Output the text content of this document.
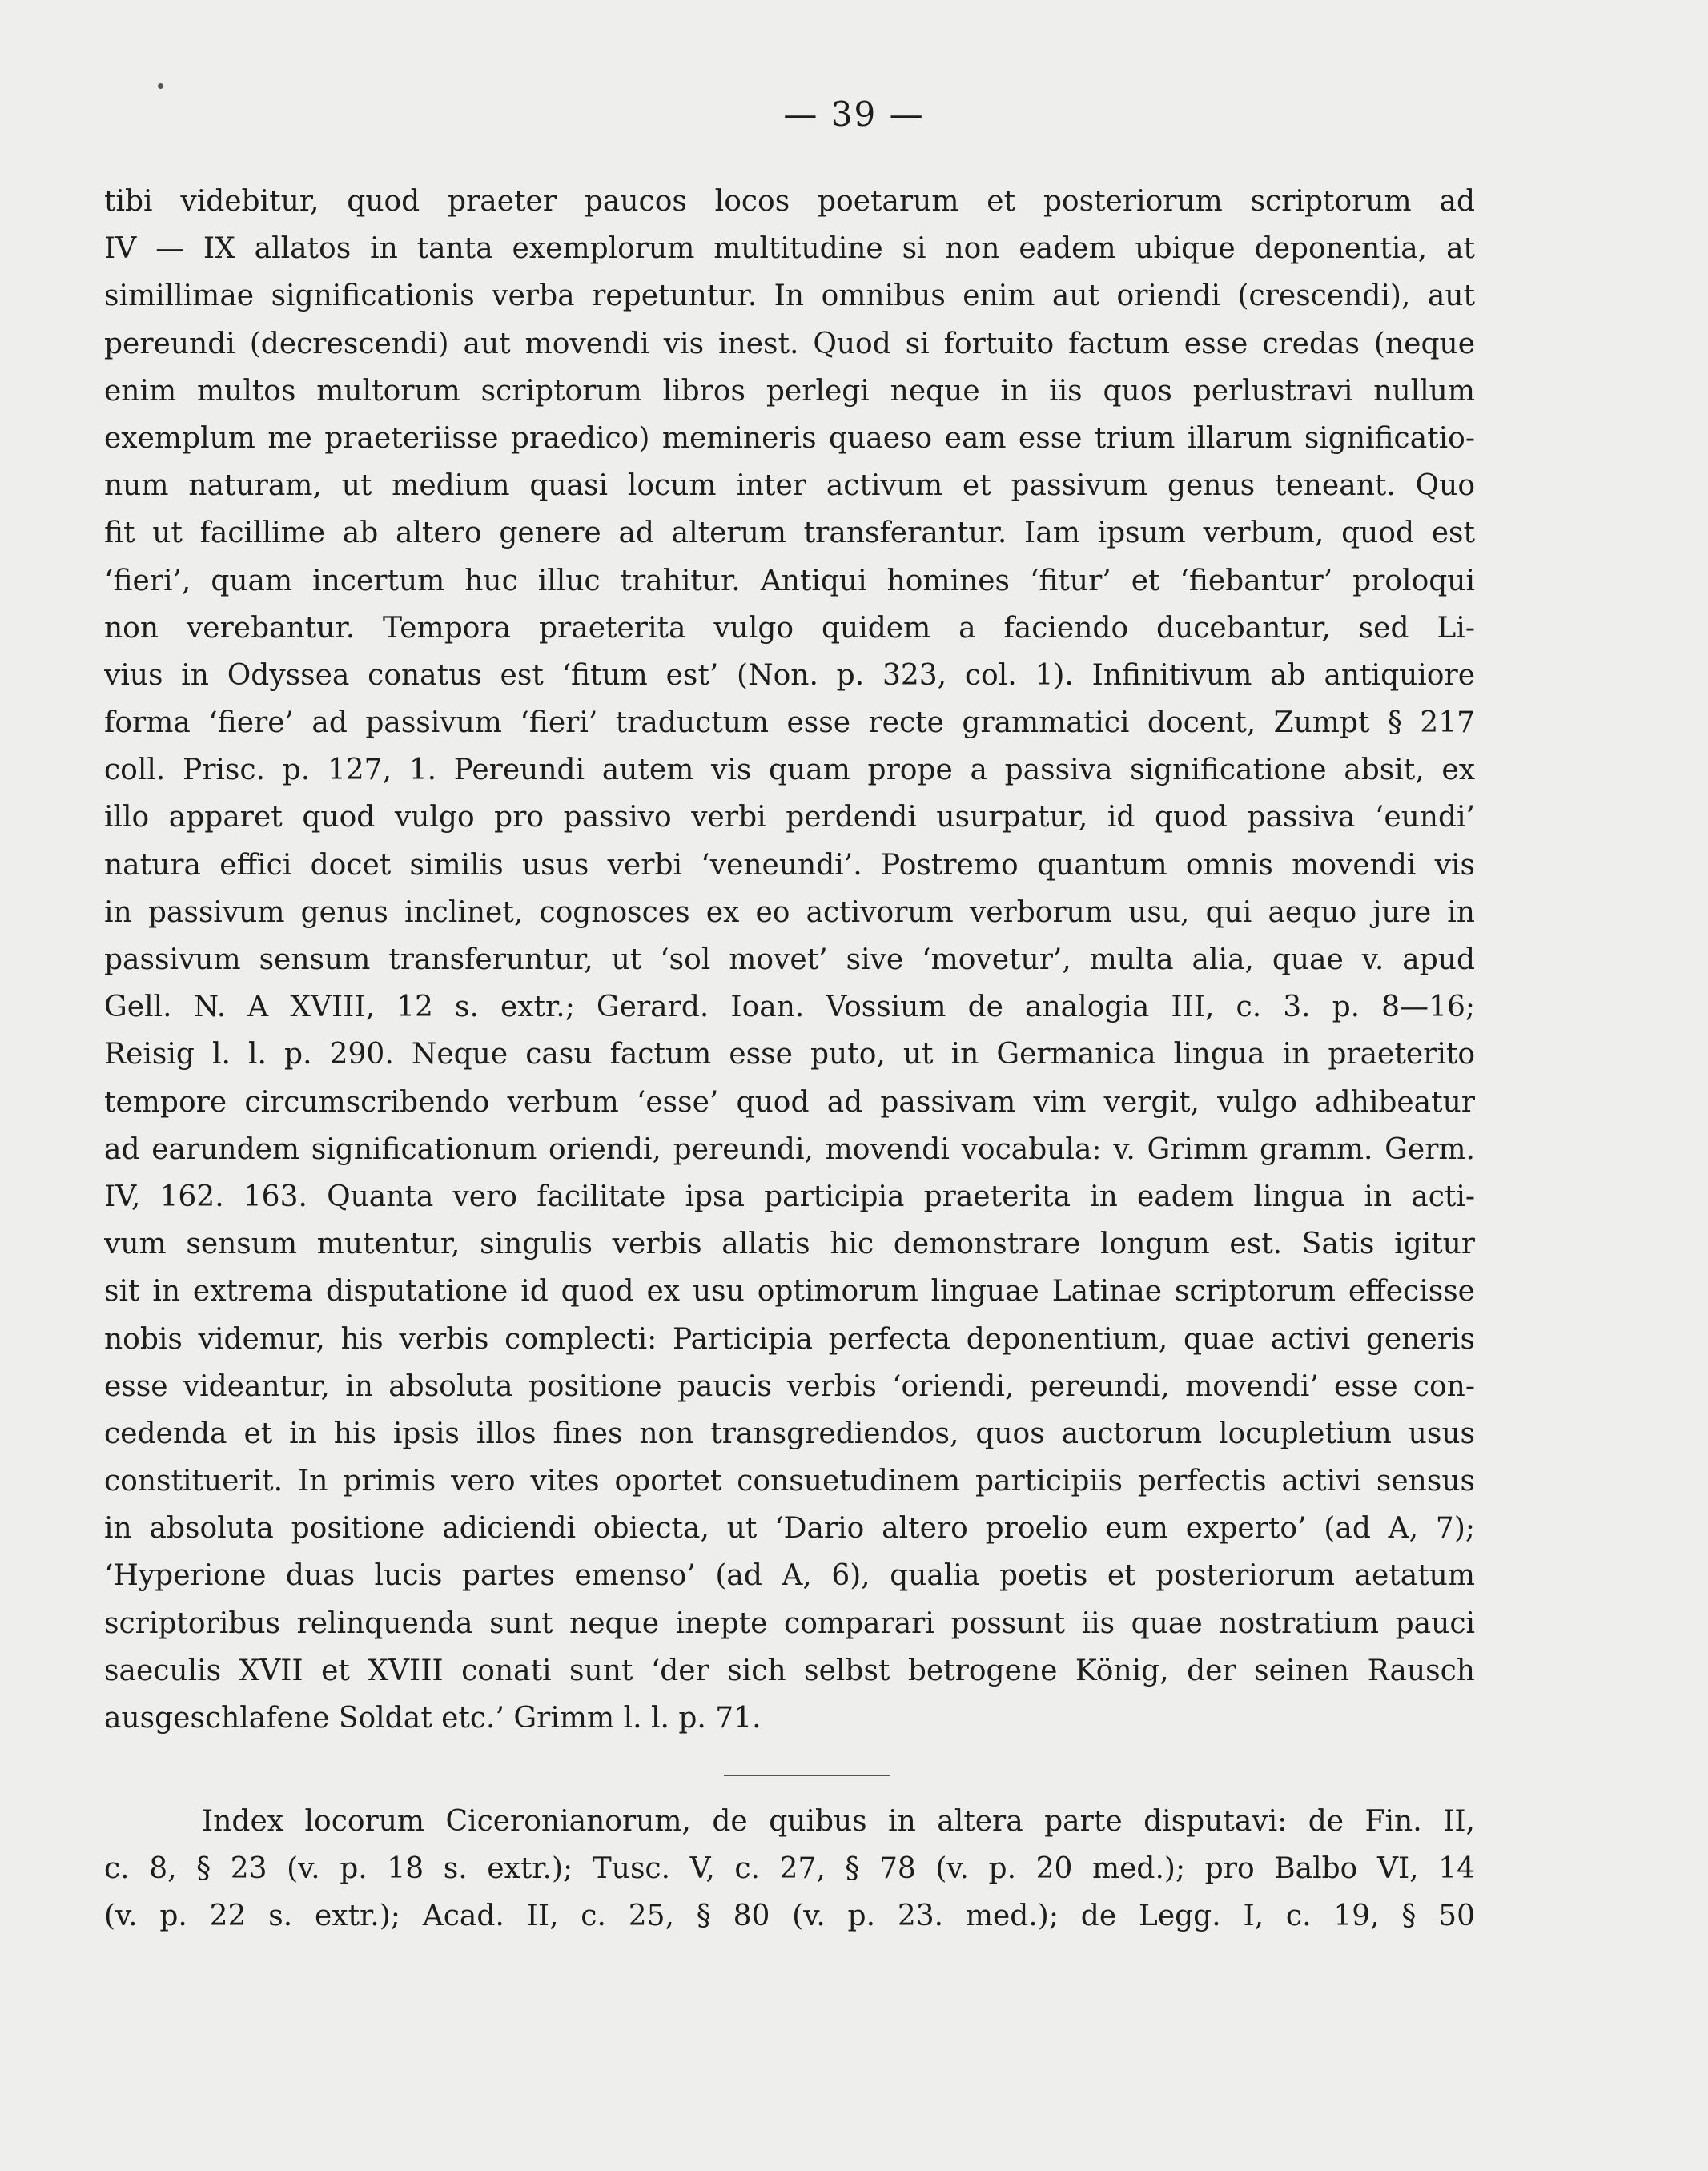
— 39 —
tibi videbitur, quod praeter paucos locos poetarum et posteriorum scriptorum ad
IV — IX allatos in tanta exemplorum multitudine si non eadem ubique deponentia, at
simillimae significationis verba repetuntur. In omnibus enim aut oriendi (crescendi), aut
pereundi (decrescendi) aut movendi vis inest. Quod si fortuito factum esse credas (neque
enim multos multorum scriptorum libros perlegi neque in iis quos perlustravi nullum
exemplum me praeteriisse praedico) memineris quaeso eam esse trium illarum significatio-
num naturam, ut medium quasi locum inter activum et passivum genus teneant. Quo
fit ut facillime ab altero genere ad alterum transferantur. Iam ipsum verbum, quod est
‘fieri’, quam incertum huc illuc trahitur. Antiqui homines ‘fitur’ et ‘fiebantur’ proloqui
non verebantur. Tempora praeterita vulgo quidem a faciendo ducebantur, sed Li-
vius in Odyssea conatus est ‘fitum est’ (Non. p. 323, col. 1). Infinitivum ab antiquiore
forma ‘fiere’ ad passivum ‘fieri’ traductum esse recte grammatici docent, Zumpt § 217
coll. Prisc. p. 127, 1. Pereundi autem vis quam prope a passiva significatione absit, ex
illo apparet quod vulgo pro passivo verbi perdendi usurpatur, id quod passiva ‘eundi’
natura effici docet similis usus verbi ‘veneundi’. Postremo quantum omnis movendi vis
in passivum genus inclinet, cognosces ex eo activorum verborum usu, qui aequo jure in
passivum sensum transferuntur, ut ‘sol movet’ sive ‘movetur’, multa alia, quae v. apud
Gell. N. A XVIII, 12 s. extr.; Gerard. Ioan. Vossium de analogia III, c. 3. p. 8—16;
Reisig l. l. p. 290. Neque casu factum esse puto, ut in Germanica lingua in praeterito
tempore circumscribendo verbum ‘esse’ quod ad passivam vim vergit, vulgo adhibeatur
ad earundem significationum oriendi, pereundi, movendi vocabula: v. Grimm gramm. Germ.
IV, 162. 163. Quanta vero facilitate ipsa participia praeterita in eadem lingua in acti-
vum sensum mutentur, singulis verbis allatis hic demonstrare longum est. Satis igitur
sit in extrema disputatione id quod ex usu optimorum linguae Latinae scriptorum effecisse
nobis videmur, his verbis complecti: Participia perfecta deponentium, quae activi generis
esse videantur, in absoluta positione paucis verbis ‘oriendi, pereundi, movendi’ esse con-
cedenda et in his ipsis illos fines non transgrediendos, quos auctorum locupletium usus
constituerit. In primis vero vites oportet consuetudinem participiis perfectis activi sensus
in absoluta positione adiciendi obiecta, ut ‘Dario altero proelio eum experto’ (ad A, 7);
‘Hyperione duas lucis partes emenso’ (ad A, 6), qualia poetis et posteriorum aetatum
scriptoribus relinquenda sunt neque inepte comparari possunt iis quae nostratium pauci
saeculis XVII et XVIII conati sunt ‘der sich selbst betrogene König, der seinen Rausch
ausgeschlafene Soldat etc.’ Grimm l. l. p. 71.
Index locorum Ciceronianorum, de quibus in altera parte disputavi: de Fin. II,
c. 8, § 23 (v. p. 18 s. extr.); Tusc. V, c. 27, § 78 (v. p. 20 med.); pro Balbo VI, 14
(v. p. 22 s. extr.); Acad. II, c. 25, § 80 (v. p. 23. med.); de Legg. I, c. 19, § 50
